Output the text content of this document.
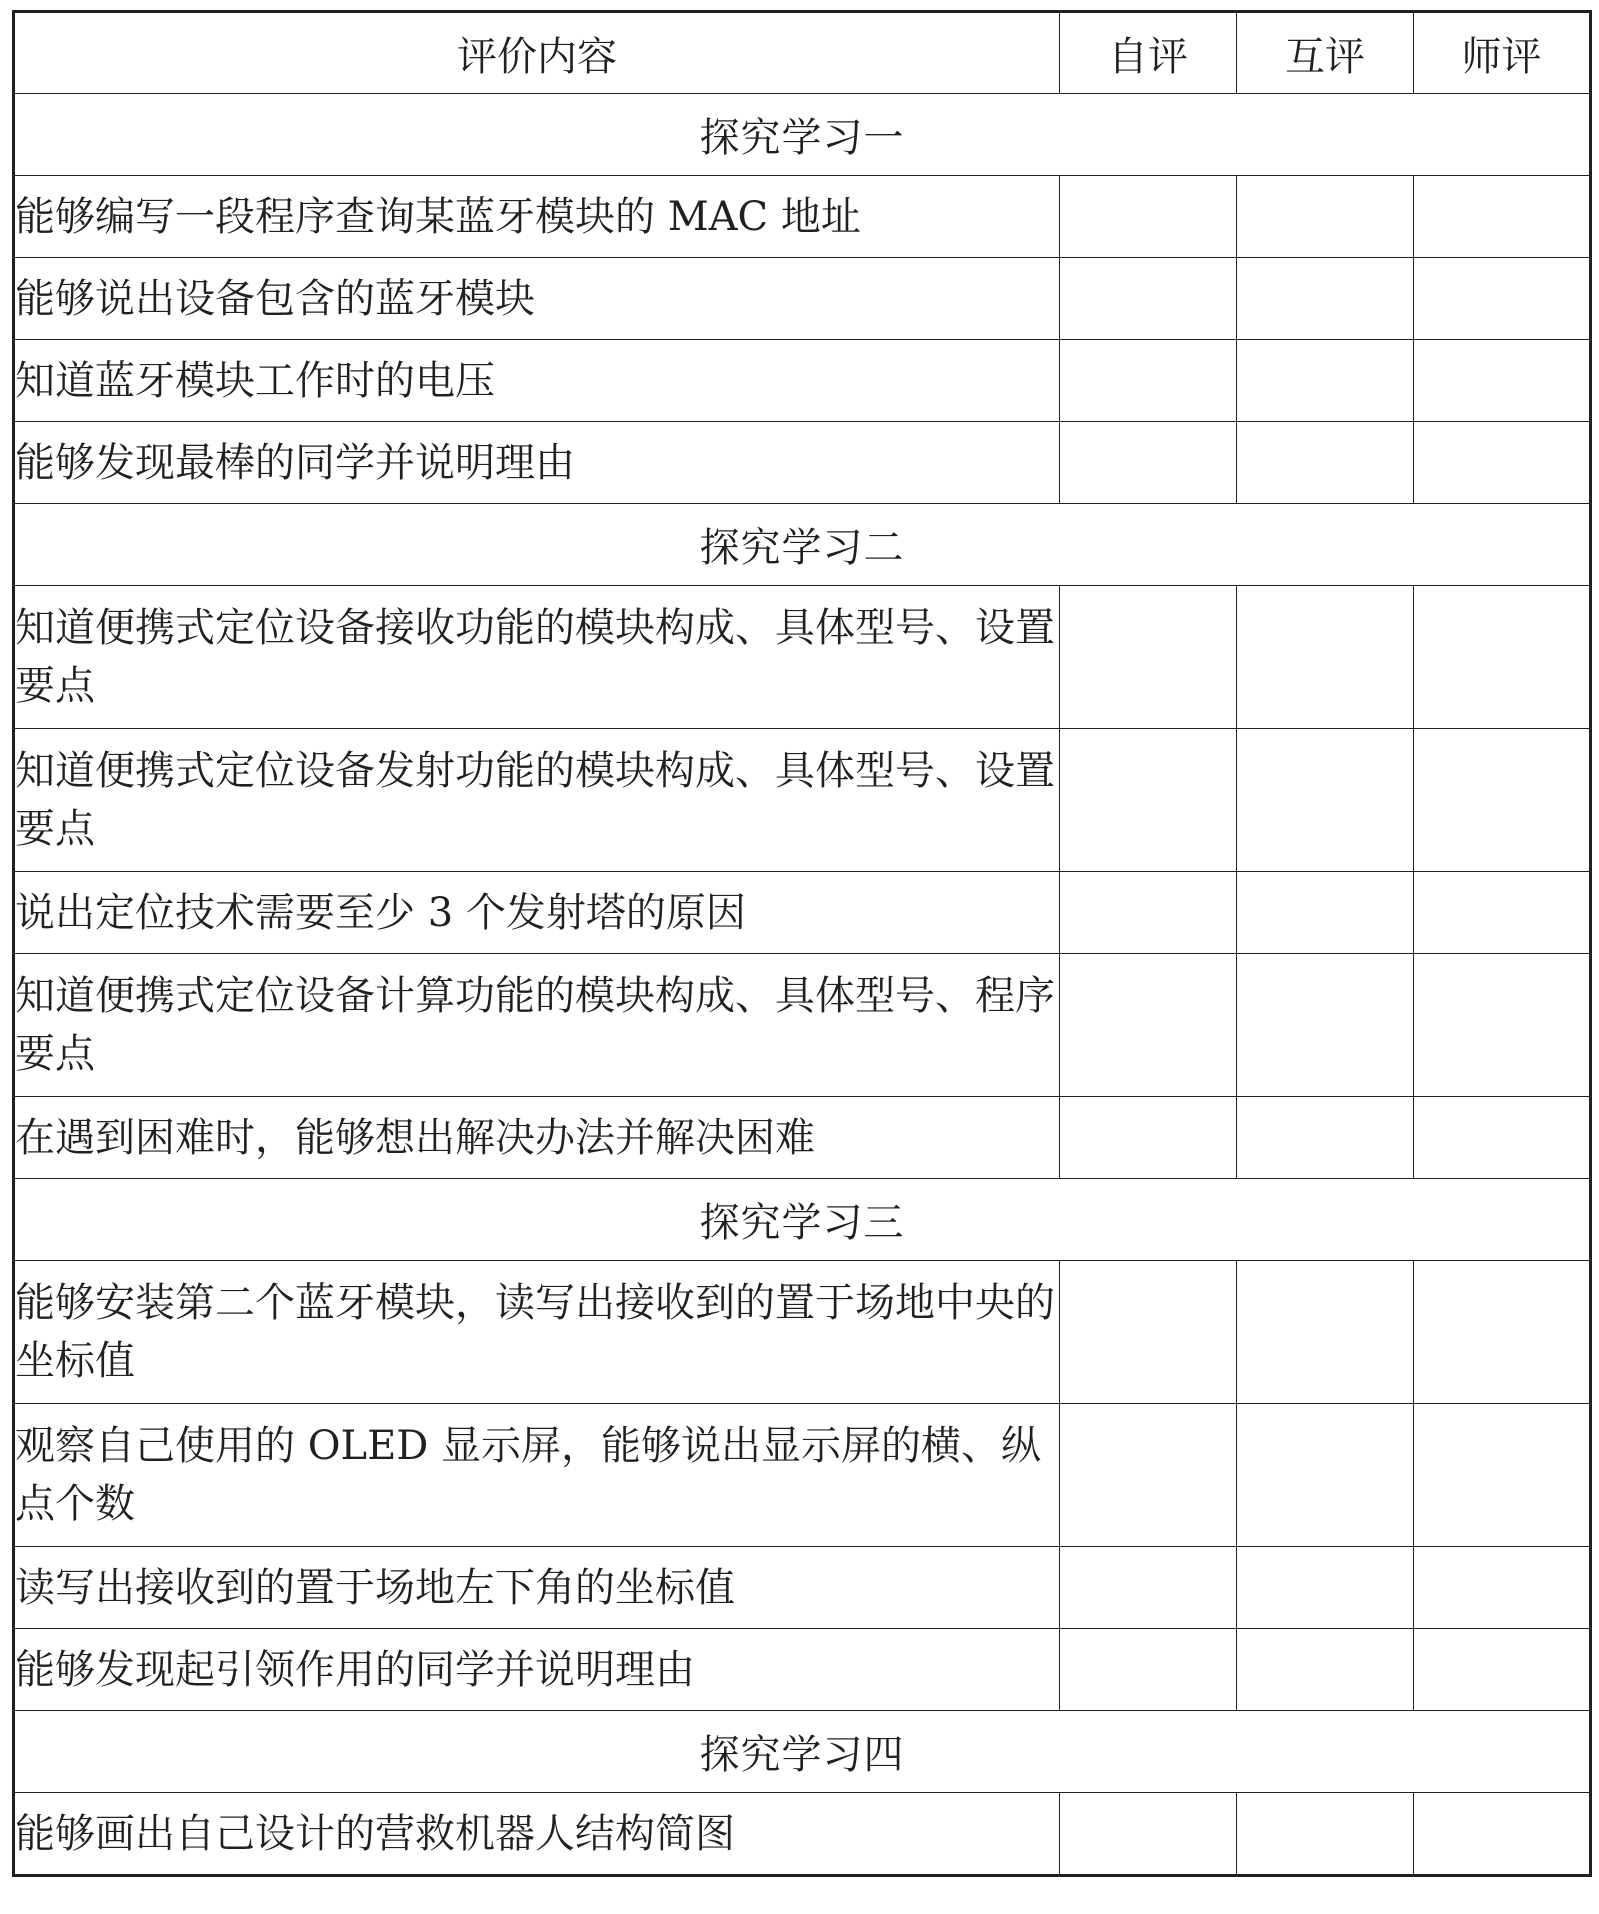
评价内容	自评	互评	师评
探究学习一			
能够编写一段程序查询某蓝牙模块的 MAC 地址			
能够说出设备包含的蓝牙模块			
知道蓝牙模块工作时的电压			
能够发现最棒的同学并说明理由			
探究学习二			
知道便携式定位设备接收功能的模块构成、具体型号、设置要点			
知道便携式定位设备发射功能的模块构成、具体型号、设置要点			
说出定位技术需要至少 3 个发射塔的原因			
知道便携式定位设备计算功能的模块构成、具体型号、程序要点			
在遇到困难时，能够想出解决办法并解决困难			
探究学习三			
能够安装第二个蓝牙模块，读写出接收到的置于场地中央的坐标值			
观察自己使用的 OLED 显示屏，能够说出显示屏的横、纵点个数			
读写出接收到的置于场地左下角的坐标值			
能够发现起引领作用的同学并说明理由			
探究学习四			
能够画出自己设计的营救机器人结构简图			
